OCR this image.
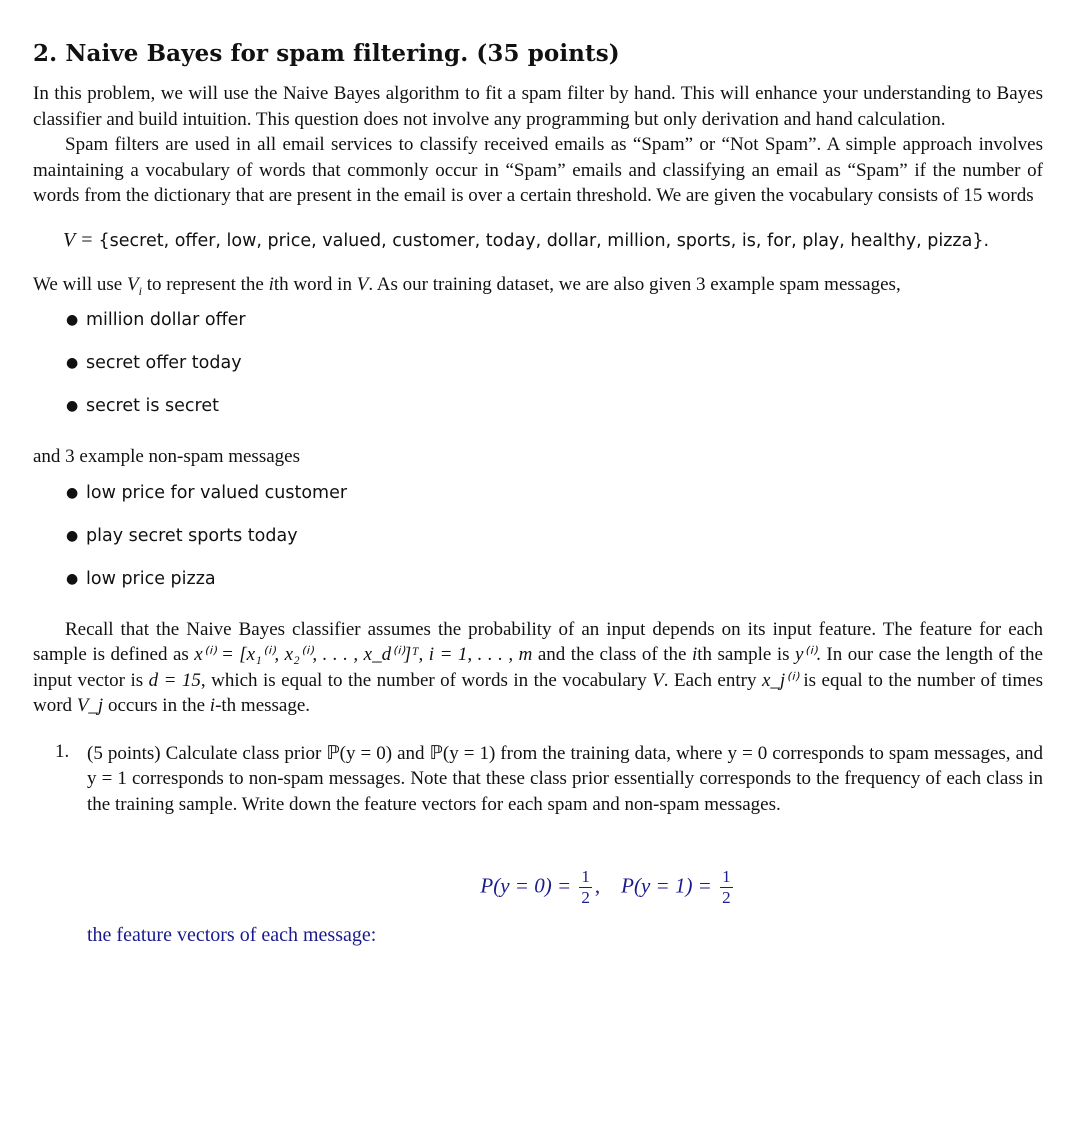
2. Naive Bayes for spam filtering. (35 points)

In this problem, we will use the Naive Bayes algorithm to fit a spam filter by hand. This will enhance your understanding to Bayes classifier and build intuition. This question does not involve any programming but only derivation and hand calculation.

Spam filters are used in all email services to classify received emails as “Spam” or “Not Spam”. A simple approach involves maintaining a vocabulary of words that commonly occur in “Spam” emails and classifying an email as “Spam” if the number of words from the dictionary that are present in the email is over a certain threshold. We are given the vocabulary consists of 15 words

V = {secret, offer, low, price, valued, customer, today, dollar, million, sports, is, for, play, healthy, pizza}.

We will use $V_i$ to represent the ith word in V. As our training dataset, we are also given 3 example spam messages,

● million dollar offer
● secret offer today
● secret is secret

and 3 example non-spam messages

● low price for valued customer
● play secret sports today
● low price pizza

Recall that the Naive Bayes classifier assumes the probability of an input depends on its input feature. The feature for each sample is defined as x⁽ⁱ⁾ = [x₁⁽ⁱ⁾, x₂⁽ⁱ⁾, . . . , x_d⁽ⁱ⁾]ᵀ, i = 1, . . . , m and the class of the ith sample is y⁽ⁱ⁾. In our case the length of the input vector is d = 15, which is equal to the number of words in the vocabulary V. Each entry x_j⁽ⁱ⁾ is equal to the number of times word V_j occurs in the i-th message.

1. (5 points) Calculate class prior ℙ(y = 0) and ℙ(y = 1) from the training data, where y = 0 corresponds to spam messages, and y = 1 corresponds to non-spam messages. Note that these class prior essentially corresponds to the frequency of each class in the training sample. Write down the feature vectors for each spam and non-spam messages.

$P(y = 0) = \frac{1}{2}$ , $P(y = 1) = \frac{1}{2}$
the feature vectors of each message:
